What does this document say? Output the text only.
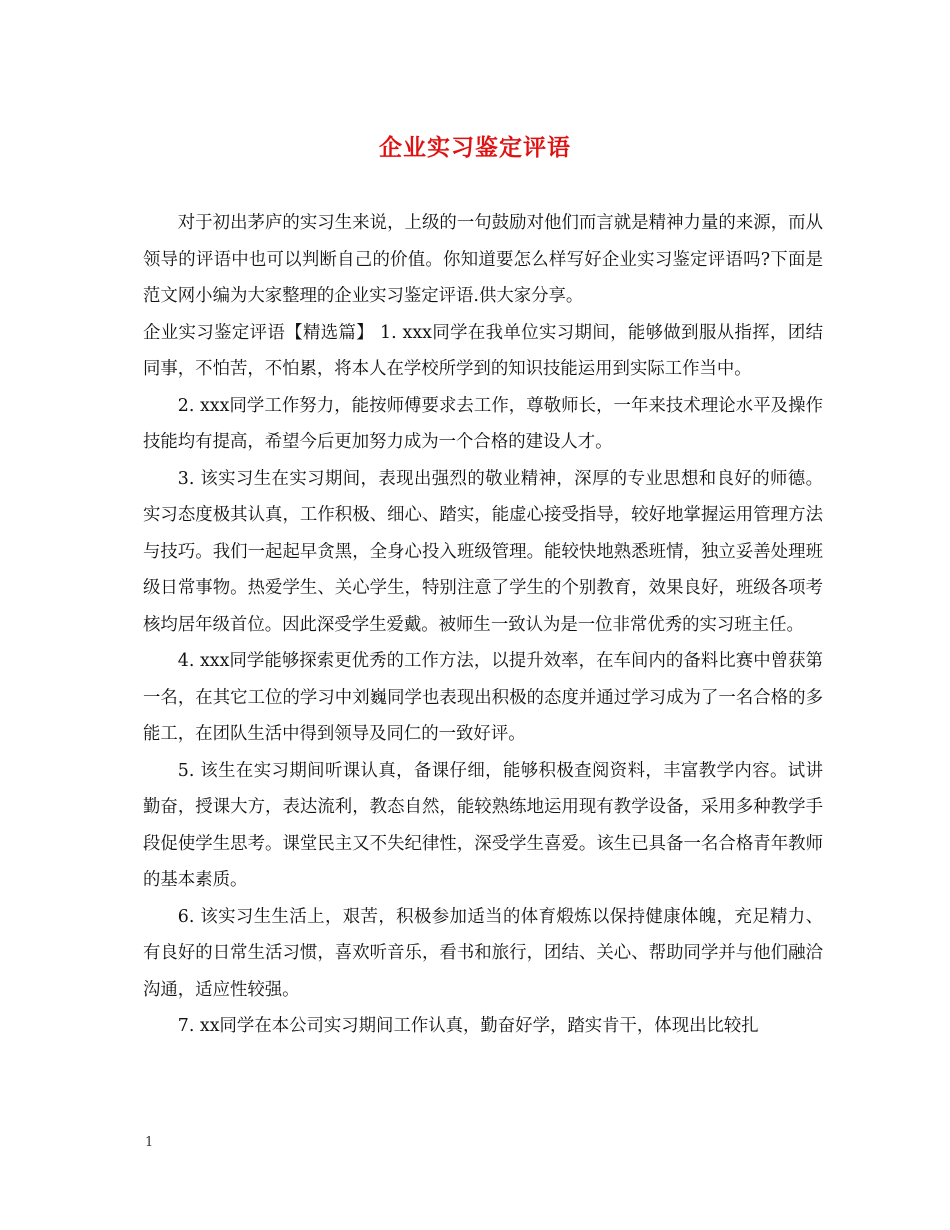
企业实习鉴定评语

对于初出茅庐的实习生来说，上级的一句鼓励对他们而言就是精神力量的来源，而从领导的评语中也可以判断自己的价值。你知道要怎么样写好企业实习鉴定评语吗?下面是范文网小编为大家整理的企业实习鉴定评语.供大家分享。

企业实习鉴定评语【精选篇】 1. xxx同学在我单位实习期间，能够做到服从指挥，团结同事，不怕苦，不怕累，将本人在学校所学到的知识技能运用到实际工作当中。

2. xxx同学工作努力，能按师傅要求去工作，尊敬师长，一年来技术理论水平及操作技能均有提高，希望今后更加努力成为一个合格的建设人才。

3. 该实习生在实习期间，表现出强烈的敬业精神，深厚的专业思想和良好的师德。实习态度极其认真，工作积极、细心、踏实，能虚心接受指导，较好地掌握运用管理方法与技巧。我们一起起早贪黑，全身心投入班级管理。能较快地熟悉班情，独立妥善处理班级日常事物。热爱学生、关心学生，特别注意了学生的个别教育，效果良好，班级各项考核均居年级首位。因此深受学生爱戴。被师生一致认为是一位非常优秀的实习班主任。

4. xxx同学能够探索更优秀的工作方法，以提升效率，在车间内的备料比赛中曾获第一名，在其它工位的学习中刘巍同学也表现出积极的态度并通过学习成为了一名合格的多能工，在团队生活中得到领导及同仁的一致好评。

5. 该生在实习期间听课认真，备课仔细，能够积极查阅资料，丰富教学内容。试讲勤奋，授课大方，表达流利，教态自然，能较熟练地运用现有教学设备，采用多种教学手段促使学生思考。课堂民主又不失纪律性，深受学生喜爱。该生已具备一名合格青年教师的基本素质。

6. 该实习生生活上，艰苦，积极参加适当的体育煅炼以保持健康体魄，充足精力、有良好的日常生活习惯，喜欢听音乐，看书和旅行，团结、关心、帮助同学并与他们融洽沟通，适应性较强。

7. xx同学在本公司实习期间工作认真，勤奋好学，踏实肯干，体现出比较扎

1
